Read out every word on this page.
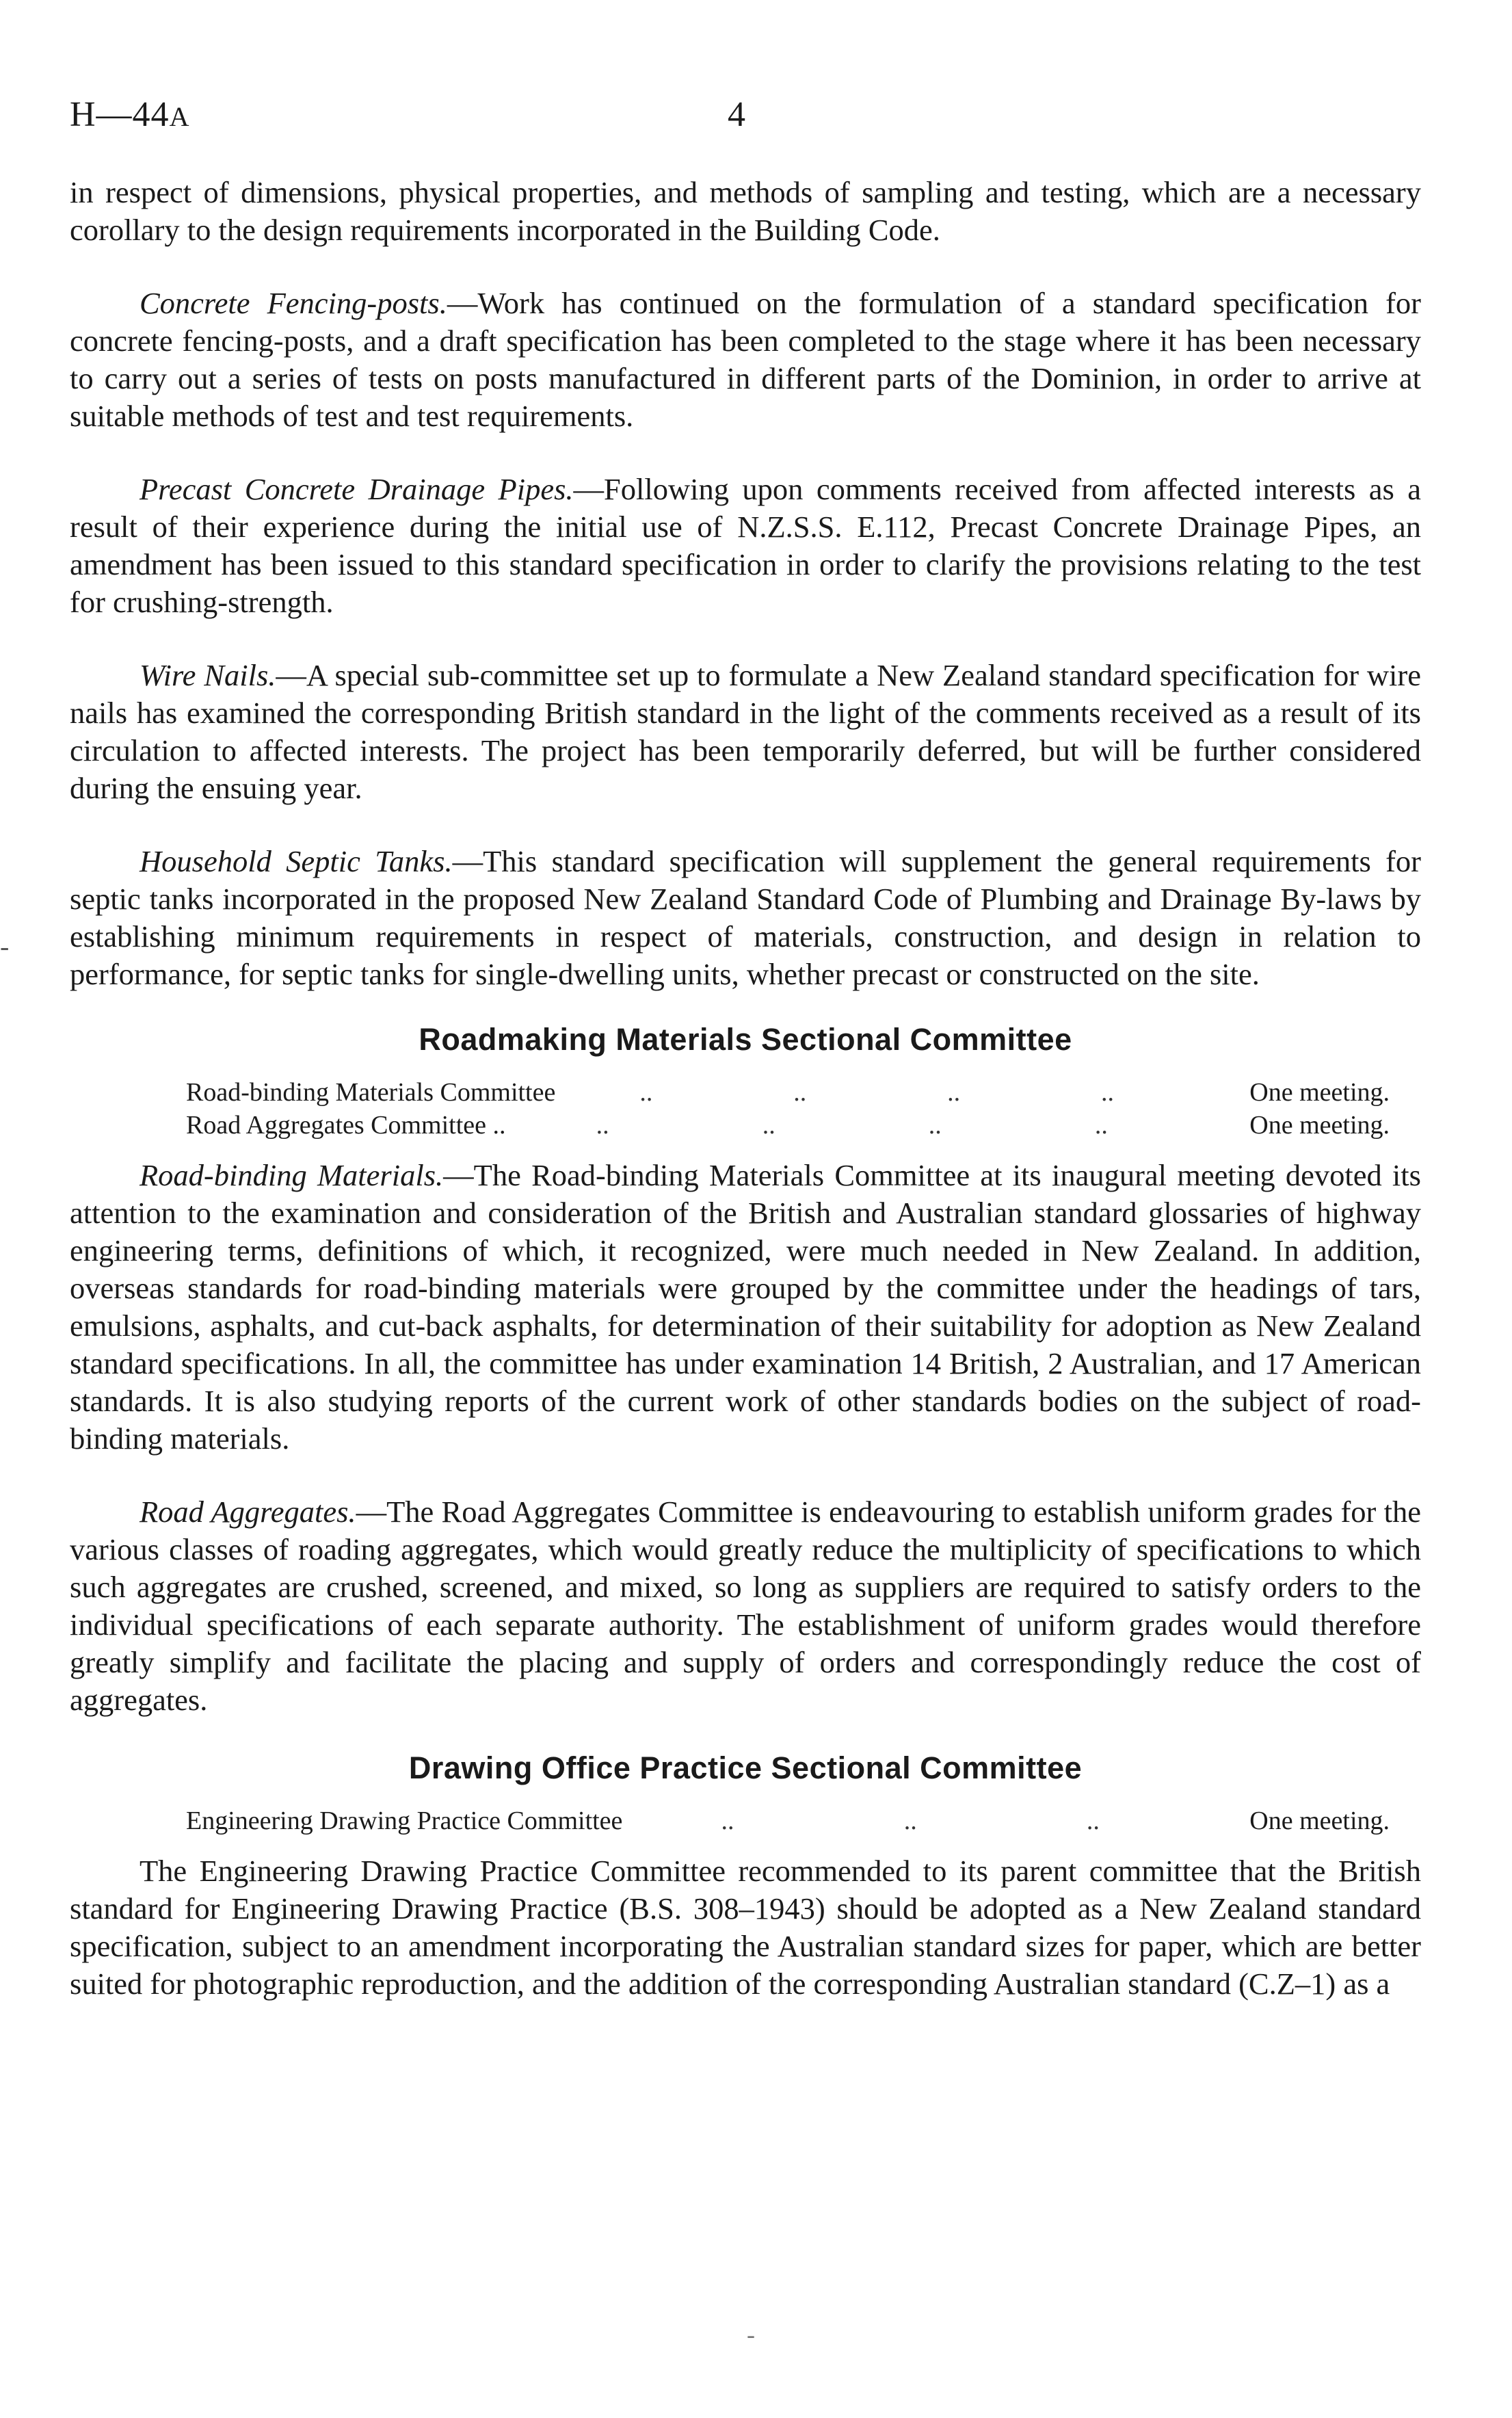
H—44A	4
-

in respect of dimensions, physical properties, and methods of sampling and testing, which are a necessary corollary to the design requirements incorporated in the Building Code.

Concrete Fencing-posts.—Work has continued on the formulation of a standard specification for concrete fencing-posts, and a draft specification has been completed to the stage where it has been necessary to carry out a series of tests on posts manufactured in different parts of the Dominion, in order to arrive at suitable methods of test and test requirements.

Precast Concrete Drainage Pipes.—Following upon comments received from affected interests as a result of their experience during the initial use of N.Z.S.S. E.112, Precast Concrete Drainage Pipes, an amendment has been issued to this standard specification in order to clarify the provisions relating to the test for crushing-strength.

Wire Nails.—A special sub-committee set up to formulate a New Zealand standard specification for wire nails has examined the corresponding British standard in the light of the comments received as a result of its circulation to affected interests. The project has been temporarily deferred, but will be further considered during the ensuing year.

Household Septic Tanks.—This standard specification will supplement the general requirements for septic tanks incorporated in the proposed New Zealand Standard Code of Plumbing and Drainage By-laws by establishing minimum requirements in respect of materials, construction, and design in relation to performance, for septic tanks for single-dwelling units, whether precast or constructed on the site.

Roadmaking Materials Sectional Committee
Road-binding Materials Committee	..	..	..	..	One meeting.
Road Aggregates Committee ..	..	..	..	..	One meeting.

Road-binding Materials.—The Road-binding Materials Committee at its inaugural meeting devoted its attention to the examination and consideration of the British and Australian standard glossaries of highway engineering terms, definitions of which, it recognized, were much needed in New Zealand. In addition, overseas standards for road-binding materials were grouped by the committee under the headings of tars, emulsions, asphalts, and cut-back asphalts, for determination of their suitability for adoption as New Zealand standard specifications. In all, the committee has under examination 14 British, 2 Australian, and 17 American standards. It is also studying reports of the current work of other standards bodies on the subject of road-binding materials.

Road Aggregates.—The Road Aggregates Committee is endeavouring to establish uniform grades for the various classes of roading aggregates, which would greatly reduce the multiplicity of specifications to which such aggregates are crushed, screened, and mixed, so long as suppliers are required to satisfy orders to the individual specifications of each separate authority. The establishment of uniform grades would therefore greatly simplify and facilitate the placing and supply of orders and correspondingly reduce the cost of aggregates.

Drawing Office Practice Sectional Committee
Engineering Drawing Practice Committee	..	..	..	One meeting.

The Engineering Drawing Practice Committee recommended to its parent committee that the British standard for Engineering Drawing Practice (B.S. 308–1943) should be adopted as a New Zealand standard specification, subject to an amendment incorporating the Australian standard sizes for paper, which are better suited for photographic reproduction, and the addition of the corresponding Australian standard (C.Z–1) as a

-
